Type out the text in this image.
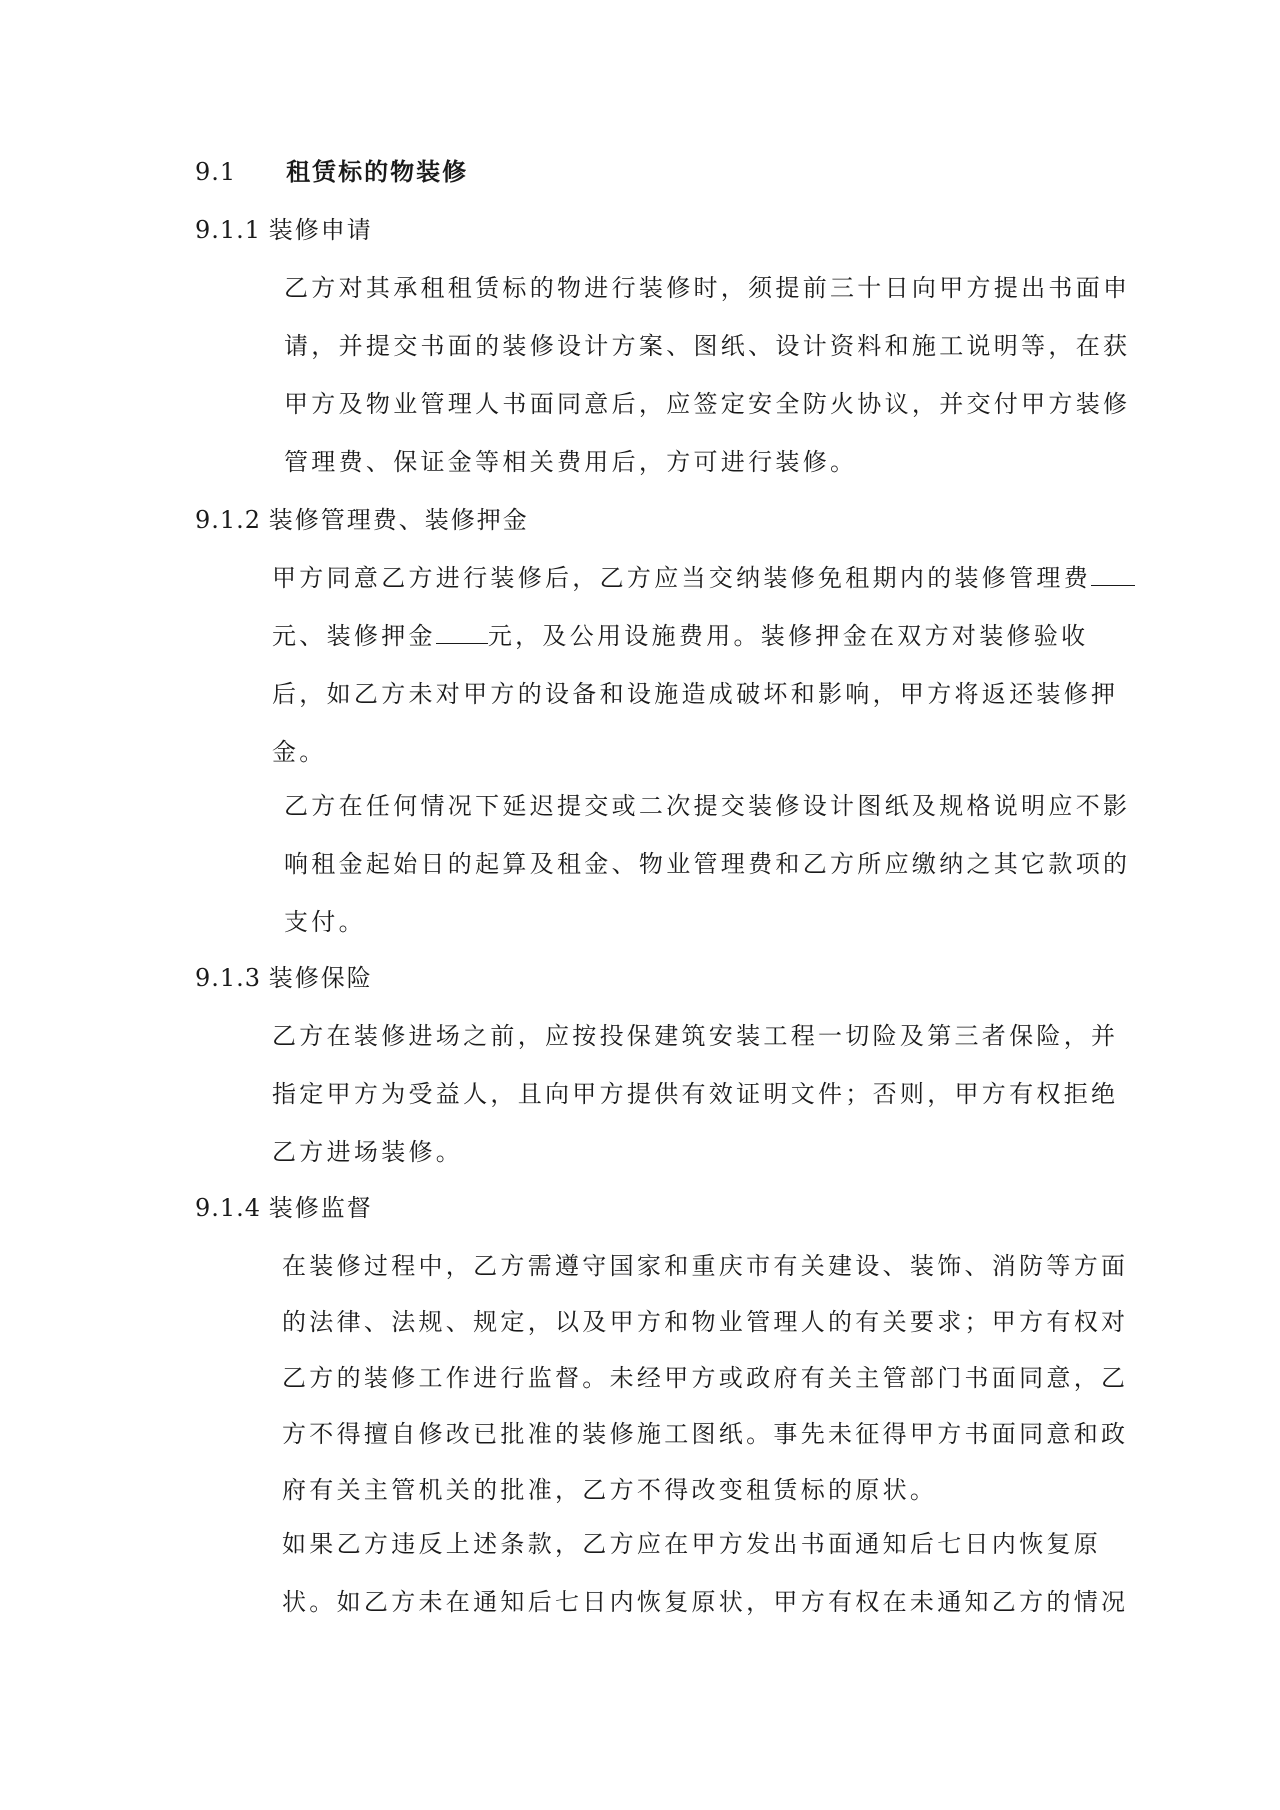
9.1 租赁标的物装修
9.1.1 装修申请
乙方对其承租租赁标的物进行装修时，须提前三十日向甲方提出书面申
请，并提交书面的装修设计方案、图纸、设计资料和施工说明等，在获
甲方及物业管理人书面同意后，应签定安全防火协议，并交付甲方装修
管理费、保证金等相关费用后，方可进行装修。
9.1.2 装修管理费、装修押金
甲方同意乙方进行装修后，乙方应当交纳装修免租期内的装修管理费
元、装修押金 元，及公用设施费用。装修押金在双方对装修验收
后，如乙方未对甲方的设备和设施造成破坏和影响，甲方将返还装修押
金。
乙方在任何情况下延迟提交或二次提交装修设计图纸及规格说明应不影
响租金起始日的起算及租金、物业管理费和乙方所应缴纳之其它款项的
支付。
9.1.3 装修保险
乙方在装修进场之前，应按投保建筑安装工程一切险及第三者保险，并
指定甲方为受益人，且向甲方提供有效证明文件；否则，甲方有权拒绝
乙方进场装修。
9.1.4 装修监督
在装修过程中，乙方需遵守国家和重庆市有关建设、装饰、消防等方面
的法律、法规、规定，以及甲方和物业管理人的有关要求；甲方有权对
乙方的装修工作进行监督。未经甲方或政府有关主管部门书面同意，乙
方不得擅自修改已批准的装修施工图纸。事先未征得甲方书面同意和政
府有关主管机关的批准，乙方不得改变租赁标的原状。
如果乙方违反上述条款，乙方应在甲方发出书面通知后七日内恢复原
状。如乙方未在通知后七日内恢复原状，甲方有权在未通知乙方的情况
